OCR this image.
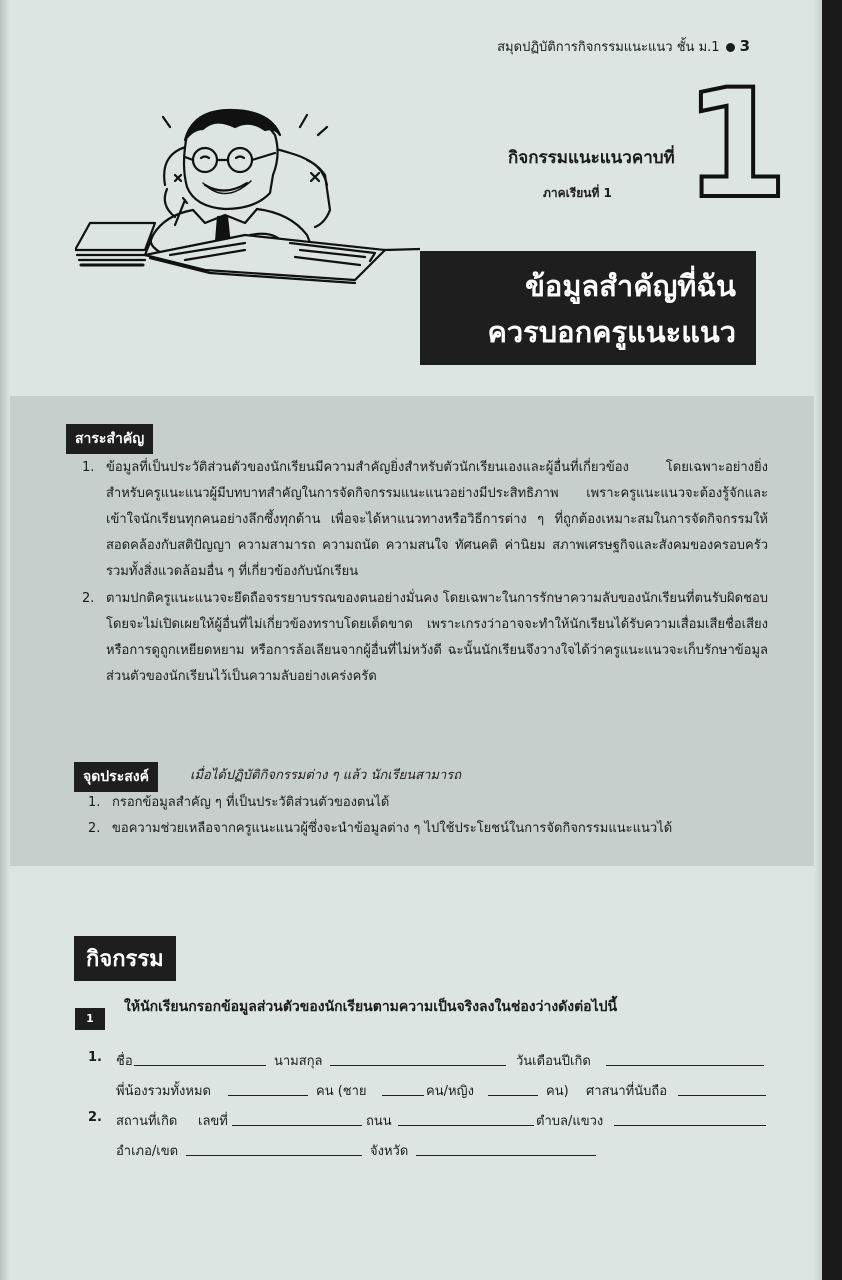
สมุดปฏิบัติการกิจกรรมแนะแนว ชั้น ม.1 3
กิจกรรมแนะแนวคาบที่
ภาคเรียนที่ 1 1
ข้อมูลสำคัญที่ฉัน
ควรบอกครูแนะแนว
สาระสำคัญ
1. ข้อมูลที่เป็นประวัติส่วนตัวของนักเรียนมีความสำคัญยิ่งสำหรับตัวนักเรียนเองและผู้อื่นที่เกี่ยวข้อง โดยเฉพาะอย่างยิ่งสำหรับครูแนะแนวผู้มีบทบาทสำคัญในการจัดกิจกรรมแนะแนวอย่างมีประสิทธิภาพ เพราะครูแนะแนวจะต้องรู้จักและเข้าใจนักเรียนทุกคนอย่างลึกซึ้งทุกด้าน เพื่อจะได้หาแนวทางหรือวิธีการต่าง ๆ ที่ถูกต้องเหมาะสมในการจัดกิจกรรมให้สอดคล้องกับสติปัญญา ความสามารถ ความถนัด ความสนใจ ทัศนคติ ค่านิยม สภาพเศรษฐกิจและสังคมของครอบครัว รวมทั้งสิ่งแวดล้อมอื่น ๆ ที่เกี่ยวข้องกับนักเรียน
2. ตามปกติครูแนะแนวจะยึดถือจรรยาบรรณของตนอย่างมั่นคง โดยเฉพาะในการรักษาความลับของนักเรียนที่ตนรับผิดชอบ โดยจะไม่เปิดเผยให้ผู้อื่นที่ไม่เกี่ยวข้องทราบโดยเด็ดขาด เพราะเกรงว่าอาจจะทำให้นักเรียนได้รับความเสื่อมเสียชื่อเสียง หรือการดูถูกเหยียดหยาม หรือการล้อเลียนจากผู้อื่นที่ไม่หวังดี ฉะนั้นนักเรียนจึงวางใจได้ว่าครูแนะแนวจะเก็บรักษาข้อมูลส่วนตัวของนักเรียนไว้เป็นความลับอย่างเคร่งครัด
จุดประสงค์	เมื่อได้ปฏิบัติกิจกรรมต่าง ๆ แล้ว นักเรียนสามารถ
1. กรอกข้อมูลสำคัญ ๆ ที่เป็นประวัติส่วนตัวของตนได้
2. ขอความช่วยเหลือจากครูแนะแนวผู้ซึ่งจะนำข้อมูลต่าง ๆ ไปใช้ประโยชน์ในการจัดกิจกรรมแนะแนวได้
กิจกรรม
1
ให้นักเรียนกรอกข้อมูลส่วนตัวของนักเรียนตามความเป็นจริงลงในช่องว่างดังต่อไปนี้
1. ชื่อ	นามสกุล	วันเดือนปีเกิด
พี่น้องรวมทั้งหมด	คน (ชาย	คน/หญิง	คน) ศาสนาที่นับถือ
2. สถานที่เกิด เลขที่	ถนน	ตำบล/แขวง
อำเภอ/เขต	จังหวัด
